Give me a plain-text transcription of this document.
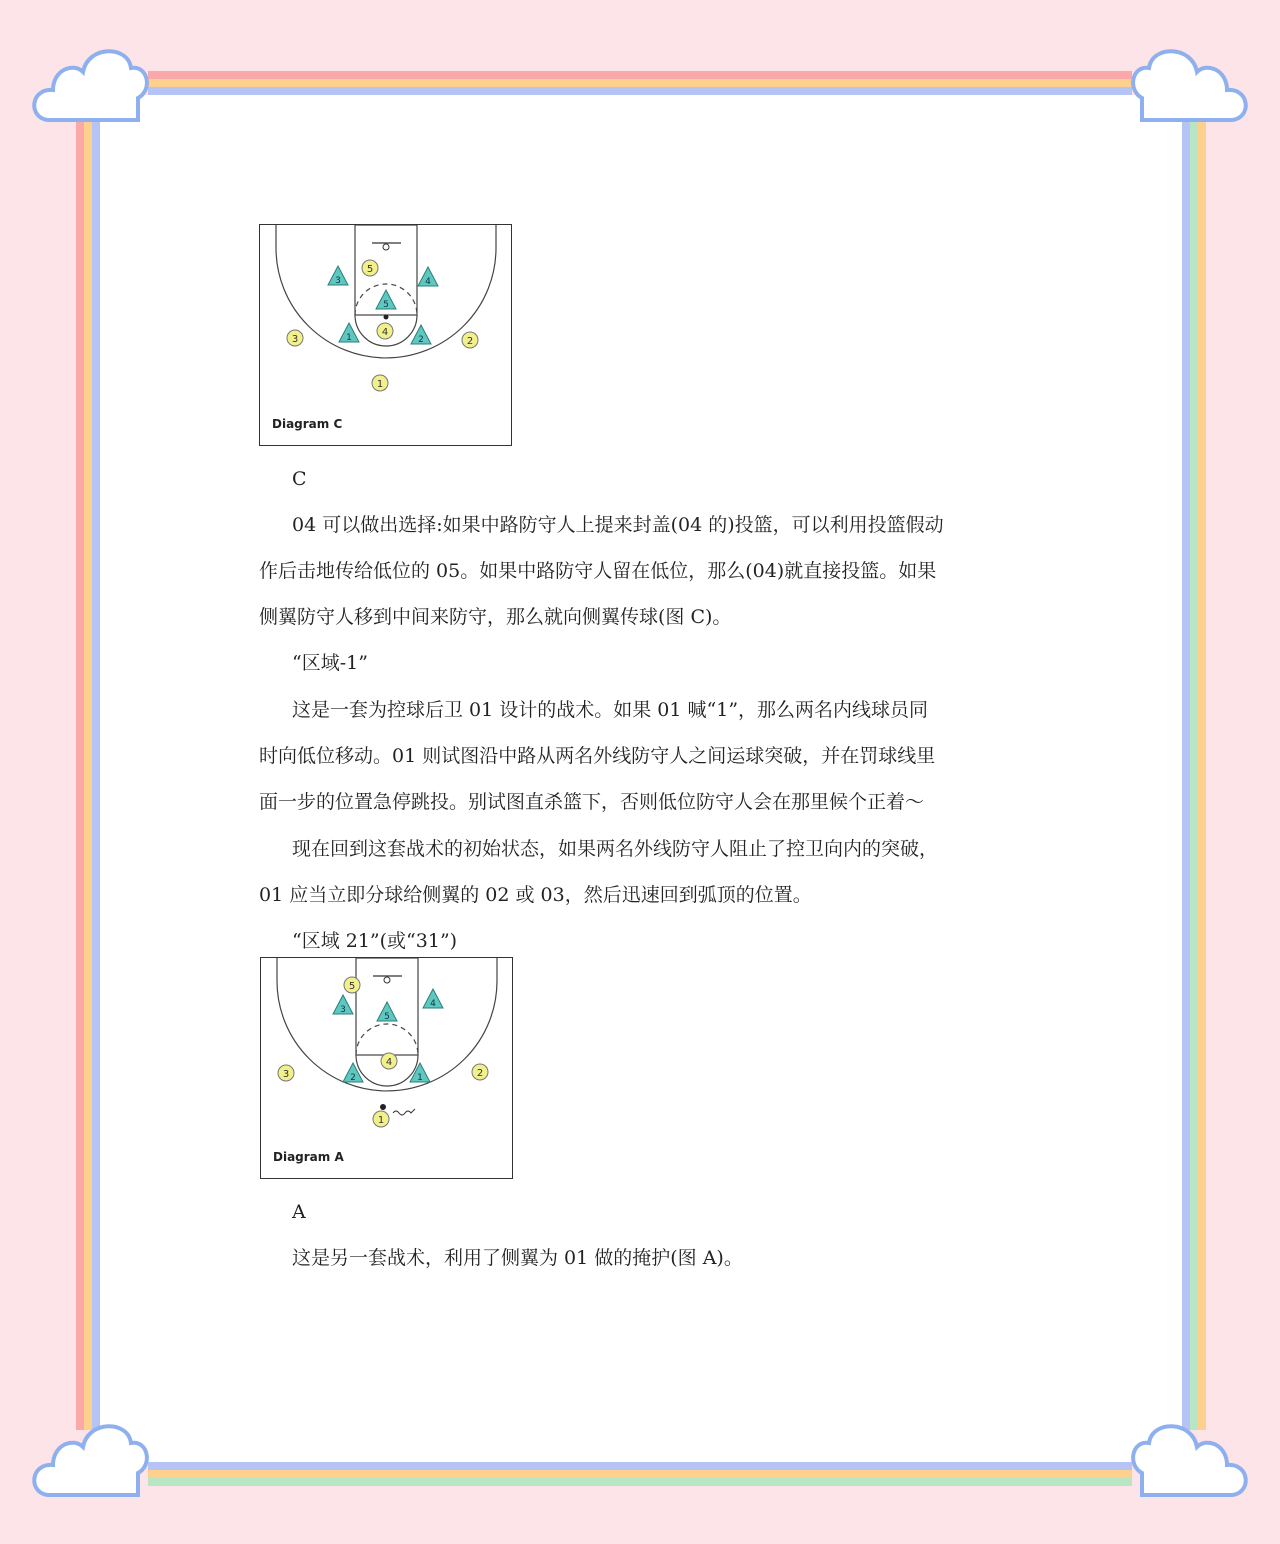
1
2
3
4
5
1	2
3	4
5
Diagram C
C
04 可以做出选择:如果中路防守人上提来封盖(04 的)投篮，可以利用投篮假动
作后击地传给低位的 05。如果中路防守人留在低位，那么(04)就直接投篮。如果
侧翼防守人移到中间来防守，那么就向侧翼传球(图 C)。
“区域-1”
这是一套为控球后卫 01 设计的战术。如果 01 喊“1”，那么两名内线球员同
时向低位移动。01 则试图沿中路从两名外线防守人之间运球突破，并在罚球线里
面一步的位置急停跳投。别试图直杀篮下，否则低位防守人会在那里候个正着～
现在回到这套战术的初始状态，如果两名外线防守人阻止了控卫向内的突破，
01 应当立即分球给侧翼的 02 或 03，然后迅速回到弧顶的位置。
“区域 21”(或“31”)
1
2
3
4
5
1
2
3
4
5
Diagram A
A
这是另一套战术，利用了侧翼为 01 做的掩护(图 A)。
